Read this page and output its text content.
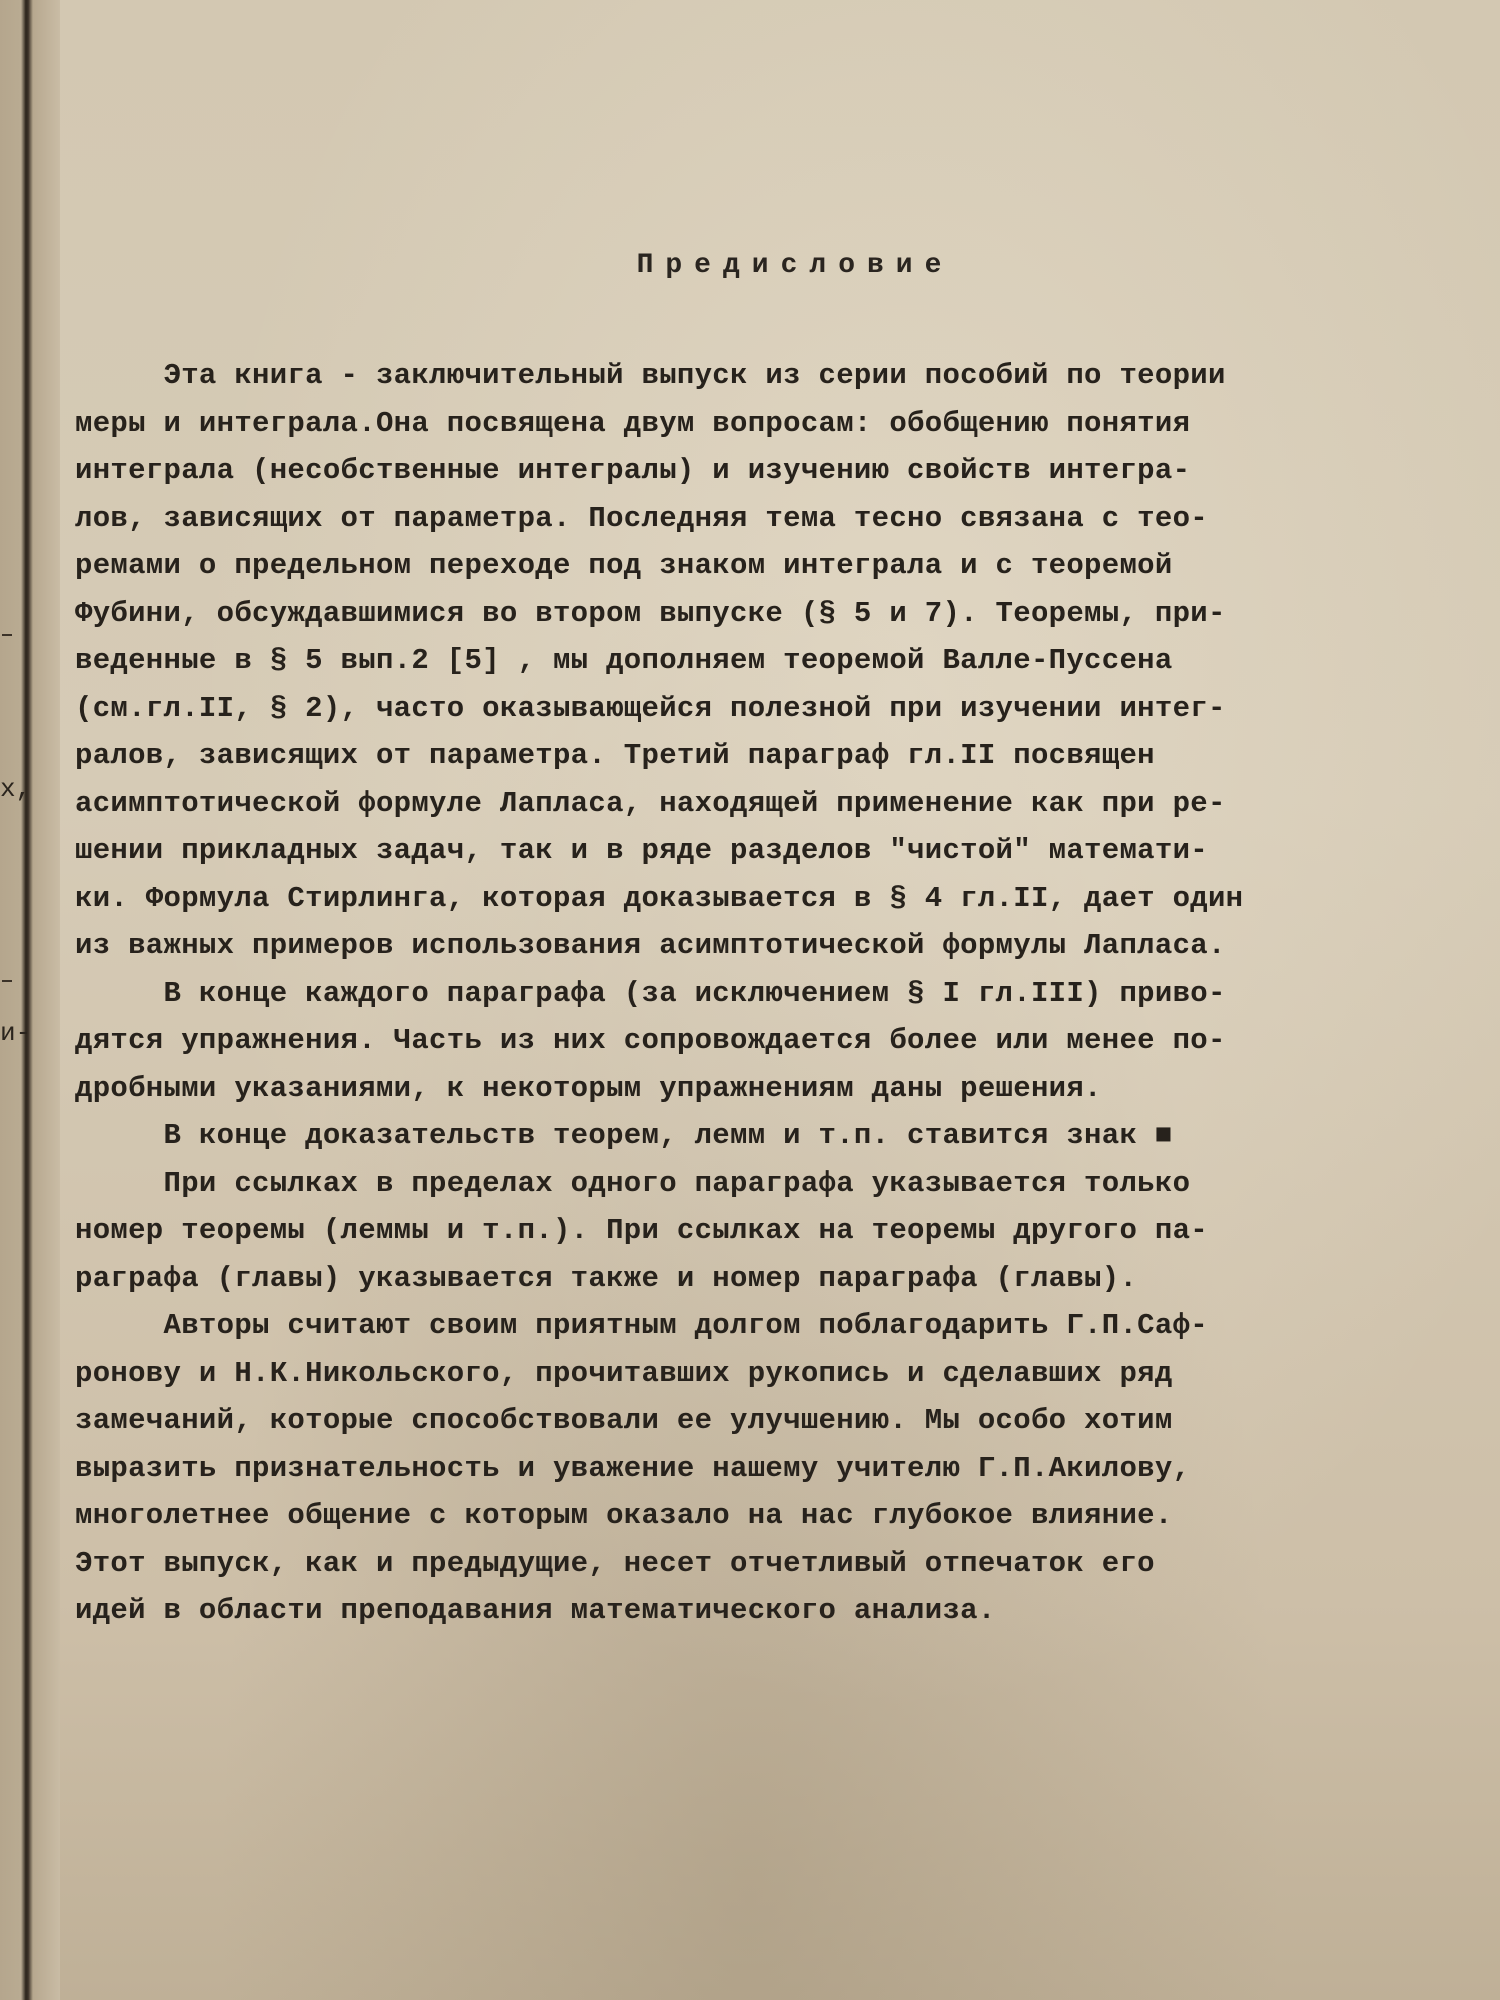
х,
и-
Предисловие
Эта книга - заключительный выпуск из серии пособий по теории
меры и интеграла.Она посвящена двум вопросам: обобщению понятия
интеграла (несобственные интегралы) и изучению свойств интегра-
лов, зависящих от параметра. Последняя тема тесно связана с тео-
ремами о предельном переходе под знаком интеграла и с теоремой
Фубини, обсуждавшимися во втором выпуске (§ 5 и 7). Теоремы, при-
веденные в § 5 вып.2 [5] , мы дополняем теоремой Валле-Пуссена
(см.гл.II, § 2), часто оказывающейся полезной при изучении интег-
ралов, зависящих от параметра. Третий параграф гл.II посвящен
асимптотической формуле Лапласа, находящей применение как при ре-
шении прикладных задач, так и в ряде разделов "чистой" математи-
ки. Формула Стирлинга, которая доказывается в § 4 гл.II, дает один
из важных примеров использования асимптотической формулы Лапласа.
В конце каждого параграфа (за исключением § I гл.III) приво-
дятся упражнения. Часть из них сопровождается более или менее по-
дробными указаниями, к некоторым упражнениям даны решения.
В конце доказательств теорем, лемм и т.п. ставится знак ■
При ссылках в пределах одного параграфа указывается только
номер теоремы (леммы и т.п.). При ссылках на теоремы другого па-
раграфа (главы) указывается также и номер параграфа (главы).
Авторы считают своим приятным долгом поблагодарить Г.П.Саф-
ронову и Н.К.Никольского, прочитавших рукопись и сделавших ряд
замечаний, которые способствовали ее улучшению. Мы особо хотим
выразить признательность и уважение нашему учителю Г.П.Акилову,
многолетнее общение с которым оказало на нас глубокое влияние.
Этот выпуск, как и предыдущие, несет отчетливый отпечаток его
идей в области преподавания математического анализа.
